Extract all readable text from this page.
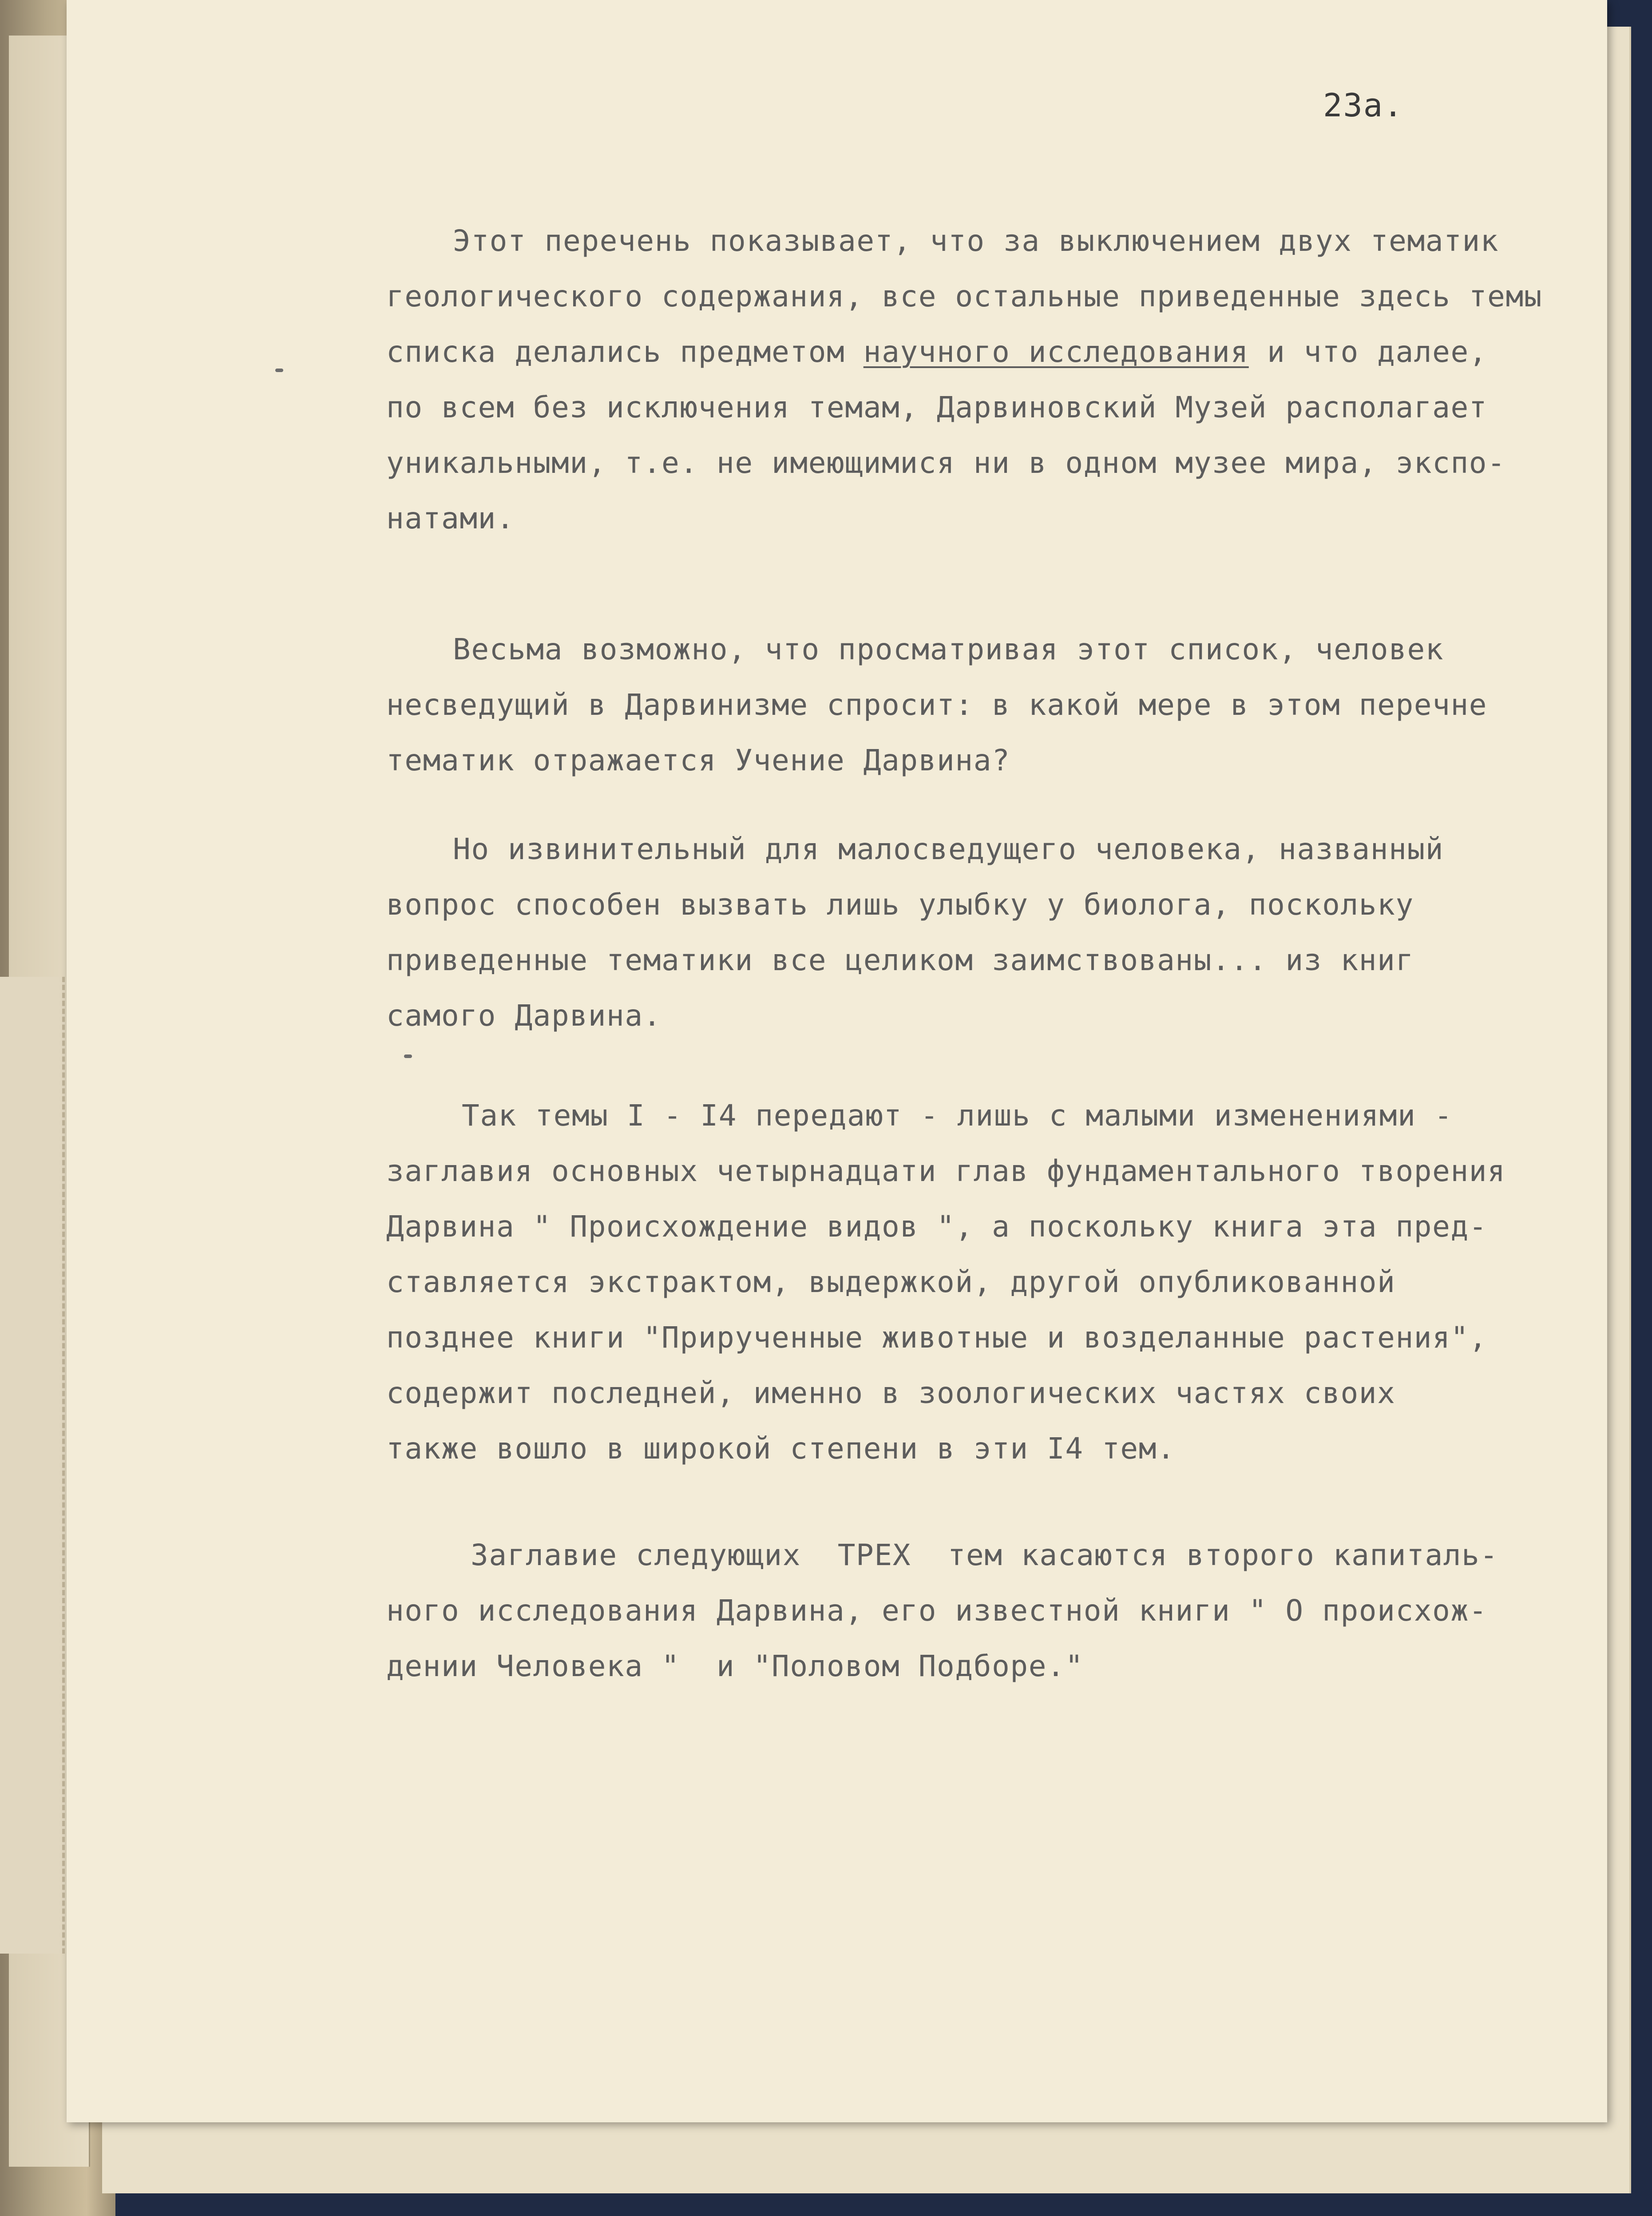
23a.
Этот перечень показывает, что за выключением двух тематик
геологического содержания, все остальные приведенные здесь темы
списка делались предметом научного исследования и что далее,
по всем без исключения темам, Дарвиновский Музей располагает
уникальными, т.е. не имеющимися ни в одном музее мира, экспо-
натами.
Весьма возможно, что просматривая этот список, человек
несведущий в Дарвинизме спросит: в какой мере в этом перечне
тематик отражается Учение Дарвина?
Но извинительный для малосведущего человека, названный
вопрос способен вызвать лишь улыбку у биолога, поскольку
приведенные тематики все целиком заимствованы... из книг
самого Дарвина.
Так темы I - I4 передают - лишь с малыми изменениями -
заглавия основных четырнадцати глав фундаментального творения
Дарвина " Происхождение видов ", а поскольку книга эта пред-
ставляется экстрактом, выдержкой, другой опубликованной
позднее книги "Прирученные животные и возделанные растения",
содержит последней, именно в зоологических частях своих
также вошло в широкой степени в эти I4 тем.
Заглавие следующих  ТРЕХ  тем касаются второго капиталь-
ного исследования Дарвина, его известной книги " О происхож-
дении Человека "  и "Половом Подборе."
